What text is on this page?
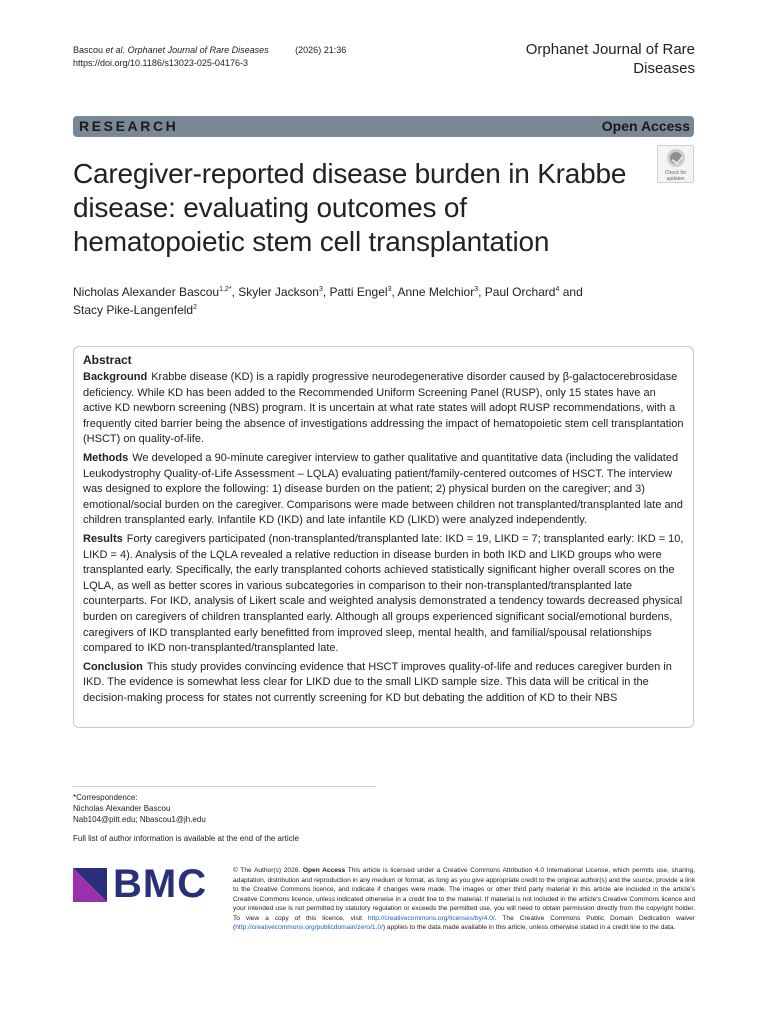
Bascou et al. Orphanet Journal of Rare Diseases	(2026) 21:36
https://doi.org/10.1186/s13023-025-04176-3
Orphanet Journal of Rare Diseases
RESEARCH	Open Access
Check for updates
Caregiver-reported disease burden in Krabbe disease: evaluating outcomes of hematopoietic stem cell transplantation
Nicholas Alexander Bascou$^{1,2*}$, Skyler Jackson$^3$, Patti Engel$^3$, Anne Melchior$^3$, Paul Orchard$^4$ and
Stacy Pike-Langenfeld$^2$
Abstract

Background Krabbe disease (KD) is a rapidly progressive neurodegenerative disorder caused by β-galactocerebrosidase deficiency. While KD has been added to the Recommended Uniform Screening Panel (RUSP), only 15 states have an active KD newborn screening (NBS) program. It is uncertain at what rate states will adopt RUSP recommendations, with a frequently cited barrier being the absence of investigations addressing the impact of hematopoietic stem cell transplantation (HSCT) on quality-of-life.

Methods We developed a 90-minute caregiver interview to gather qualitative and quantitative data (including the validated Leukodystrophy Quality-of-Life Assessment – LQLA) evaluating patient/family-centered outcomes of HSCT. The interview was designed to explore the following: 1) disease burden on the patient; 2) physical burden on the caregiver; and 3) emotional/social burden on the caregiver. Comparisons were made between children not transplanted/transplanted late and children transplanted early. Infantile KD (IKD) and late infantile KD (LIKD) were analyzed independently.

Results Forty caregivers participated (non-transplanted/transplanted late: IKD = 19, LIKD = 7; transplanted early: IKD = 10, LIKD = 4). Analysis of the LQLA revealed a relative reduction in disease burden in both IKD and LIKD groups who were transplanted early. Specifically, the early transplanted cohorts achieved statistically significant higher overall scores on the LQLA, as well as better scores in various subcategories in comparison to their non-transplanted/transplanted late counterparts. For IKD, analysis of Likert scale and weighted analysis demonstrated a tendency towards decreased physical burden on caregivers of children transplanted early. Although all groups experienced significant social/emotional burdens, caregivers of IKD transplanted early benefitted from improved sleep, mental health, and familial/spousal relationships compared to IKD non-transplanted/transplanted late.

Conclusion This study provides convincing evidence that HSCT improves quality-of-life and reduces caregiver burden in IKD. The evidence is somewhat less clear for LIKD due to the small LIKD sample size. This data will be critical in the decision-making process for states not currently screening for KD but debating the addition of KD to their NBS

*Correspondence:
Nicholas Alexander Bascou
Nab104@pitt.edu; Nbascou1@jh.edu
Full list of author information is available at the end of the article
BMC	© The Author(s) 2026. Open Access This article is licensed under a Creative Commons Attribution 4.0 International License, which permits use, sharing, adaptation, distribution and reproduction in any medium or format, as long as you give appropriate credit to the original author(s) and the source, provide a link to the Creative Commons licence, and indicate if changes were made. The images or other third party material in this article are included in the article's Creative Commons licence, unless indicated otherwise in a credit line to the material. If material is not included in the article's Creative Commons licence and your intended use is not permitted by statutory regulation or exceeds the permitted use, you will need to obtain permission directly from the copyright holder. To view a copy of this licence, visit http://creativecommons.org/licenses/by/4.0/. The Creative Commons Public Domain Dedication waiver (http://creativecommons.org/publicdomain/zero/1.0/) applies to the data made available in this article, unless otherwise stated in a credit line to the data.
